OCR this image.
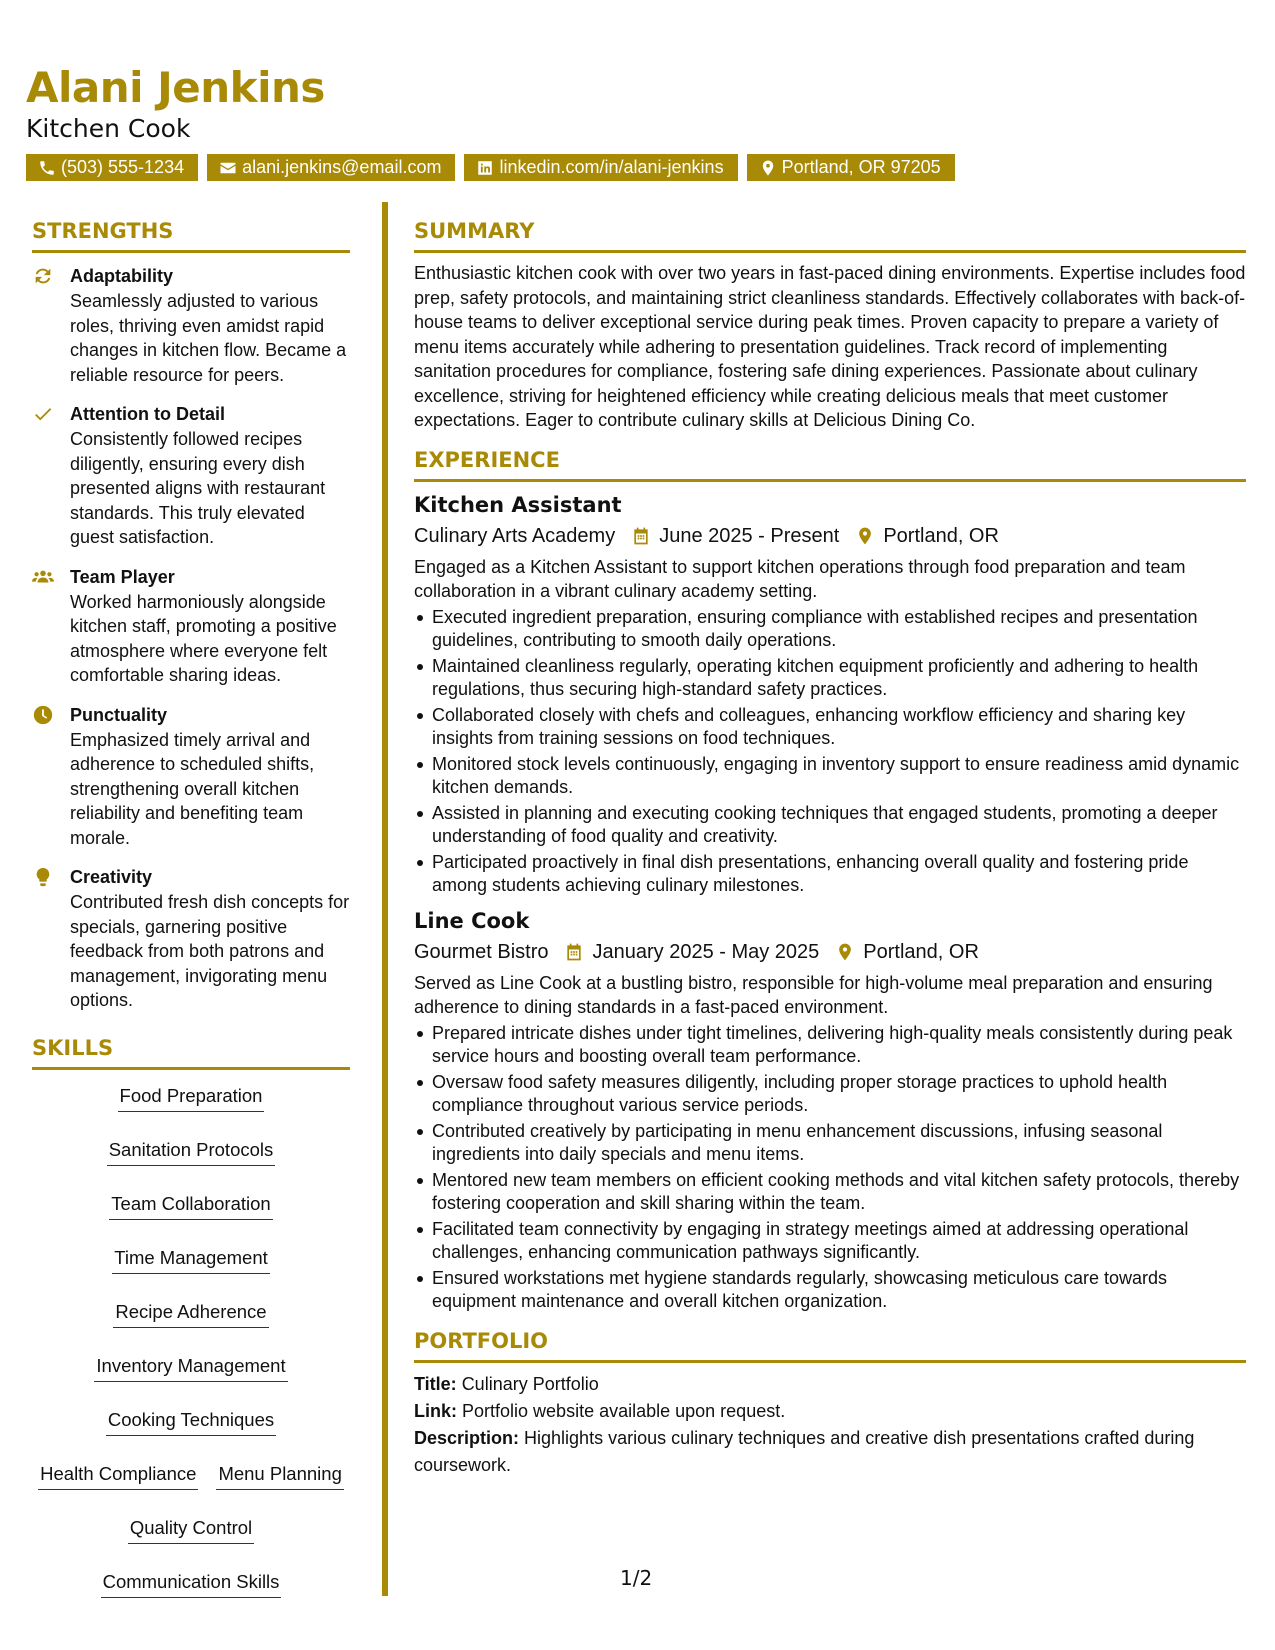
Alani Jenkins
Kitchen Cook
(503) 555-1234	alani.jenkins@email.com	linkedin.com/in/alani-jenkins	Portland, OR 97205
STRENGTHS
Adaptability
Seamlessly adjusted to various roles, thriving even amidst rapid changes in kitchen flow. Became a reliable resource for peers.
Attention to Detail
Consistently followed recipes diligently, ensuring every dish presented aligns with restaurant standards. This truly elevated guest satisfaction.
Team Player
Worked harmoniously alongside kitchen staff, promoting a positive atmosphere where everyone felt comfortable sharing ideas.
Punctuality
Emphasized timely arrival and adherence to scheduled shifts, strengthening overall kitchen reliability and benefiting team morale.
Creativity
Contributed fresh dish concepts for specials, garnering positive feedback from both patrons and management, invigorating menu options.
SKILLS
Food Preparation
Sanitation Protocols
Team Collaboration
Time Management
Recipe Adherence
Inventory Management
Cooking Techniques
Health Compliance Menu Planning
Quality Control
Communication Skills
SUMMARY
Enthusiastic kitchen cook with over two years in fast-paced dining environments. Expertise includes food prep, safety protocols, and maintaining strict cleanliness standards. Effectively collaborates with back-of-house teams to deliver exceptional service during peak times. Proven capacity to prepare a variety of menu items accurately while adhering to presentation guidelines. Track record of implementing sanitation procedures for compliance, fostering safe dining experiences. Passionate about culinary excellence, striving for heightened efficiency while creating delicious meals that meet customer expectations. Eager to contribute culinary skills at Delicious Dining Co.
EXPERIENCE
Kitchen Assistant
Culinary Arts Academy June 2025 - Present Portland, OR
Engaged as a Kitchen Assistant to support kitchen operations through food preparation and team collaboration in a vibrant culinary academy setting.
Executed ingredient preparation, ensuring compliance with established recipes and presentation guidelines, contributing to smooth daily operations.
Maintained cleanliness regularly, operating kitchen equipment proficiently and adhering to health regulations, thus securing high-standard safety practices.
Collaborated closely with chefs and colleagues, enhancing workflow efficiency and sharing key insights from training sessions on food techniques.
Monitored stock levels continuously, engaging in inventory support to ensure readiness amid dynamic kitchen demands.
Assisted in planning and executing cooking techniques that engaged students, promoting a deeper understanding of food quality and creativity.
Participated proactively in final dish presentations, enhancing overall quality and fostering pride among students achieving culinary milestones.
Line Cook
Gourmet Bistro January 2025 - May 2025 Portland, OR
Served as Line Cook at a bustling bistro, responsible for high-volume meal preparation and ensuring adherence to dining standards in a fast-paced environment.
Prepared intricate dishes under tight timelines, delivering high-quality meals consistently during peak service hours and boosting overall team performance.
Oversaw food safety measures diligently, including proper storage practices to uphold health compliance throughout various service periods.
Contributed creatively by participating in menu enhancement discussions, infusing seasonal ingredients into daily specials and menu items.
Mentored new team members on efficient cooking methods and vital kitchen safety protocols, thereby fostering cooperation and skill sharing within the team.
Facilitated team connectivity by engaging in strategy meetings aimed at addressing operational challenges, enhancing communication pathways significantly.
Ensured workstations met hygiene standards regularly, showcasing meticulous care towards equipment maintenance and overall kitchen organization.
PORTFOLIO
Title: Culinary Portfolio
Link: Portfolio website available upon request.
Description: Highlights various culinary techniques and creative dish presentations crafted during coursework.
1/2
